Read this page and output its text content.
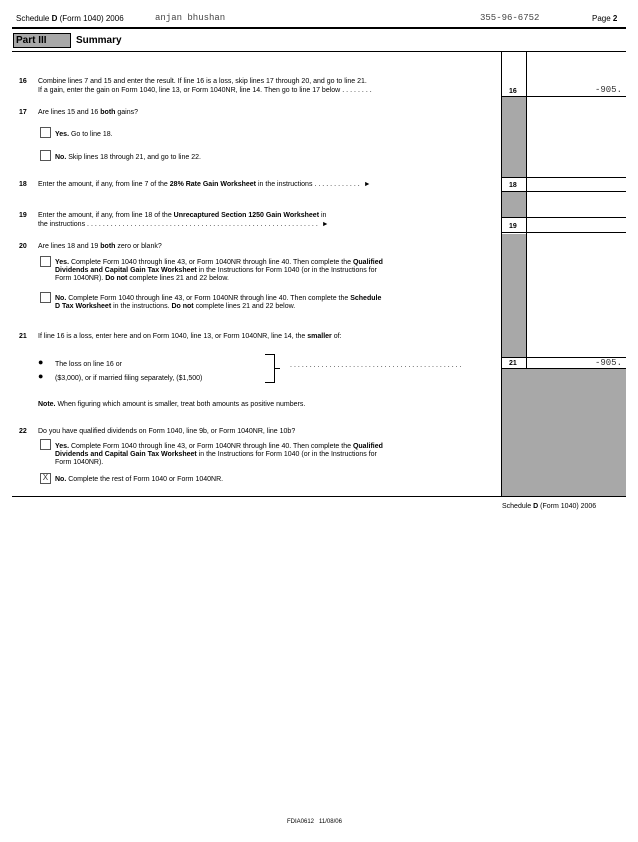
Schedule D (Form 1040) 2006	anjan bhushan	355-96-6752	Page 2
Part III	Summary
16
18
19
21
16 Combine lines 7 and 15 and enter the result. If line 16 is a loss, skip lines 17 through 20, and go to line 21.
If a gain, enter the gain on Form 1040, line 13, or Form 1040NR, line 14. Then go to line 17 below ........	-905.
17 Are lines 15 and 16 both gains?
Yes. Go to line 18.
No. Skip lines 18 through 21, and go to line 22.
18 Enter the amount, if any, from line 7 of the 28% Rate Gain Worksheet in the instructions ............ ►
19 Enter the amount, if any, from line 18 of the Unrecaptured Section 1250 Gain Worksheet in
the instructions ........................................................... ►
20 Are lines 18 and 19 both zero or blank?
Yes. Complete Form 1040 through line 43, or Form 1040NR through line 40. Then complete the Qualified
Dividends and Capital Gain Tax Worksheet in the Instructions for Form 1040 (or in the Instructions for
Form 1040NR). Do not complete lines 21 and 22 below.
No. Complete Form 1040 through line 43, or Form 1040NR through line 40. Then complete the Schedule
D Tax Worksheet in the instructions. Do not complete lines 21 and 22 below.
21 If line 16 is a loss, enter here and on Form 1040, line 13, or Form 1040NR, line 14, the smaller of:
● The loss on line 16 or
● ($3,000), or if married filing separately, ($1,500)
............................................	-905.
Note. When figuring which amount is smaller, treat both amounts as positive numbers.
22 Do you have qualified dividends on Form 1040, line 9b, or Form 1040NR, line 10b?
Yes. Complete Form 1040 through line 43, or Form 1040NR through line 40. Then complete the Qualified
Dividends and Capital Gain Tax Worksheet in the Instructions for Form 1040 (or in the Instructions for
Form 1040NR).
X No. Complete the rest of Form 1040 or Form 1040NR.
Schedule D (Form 1040) 2006
FDIA0612 11/08/06
